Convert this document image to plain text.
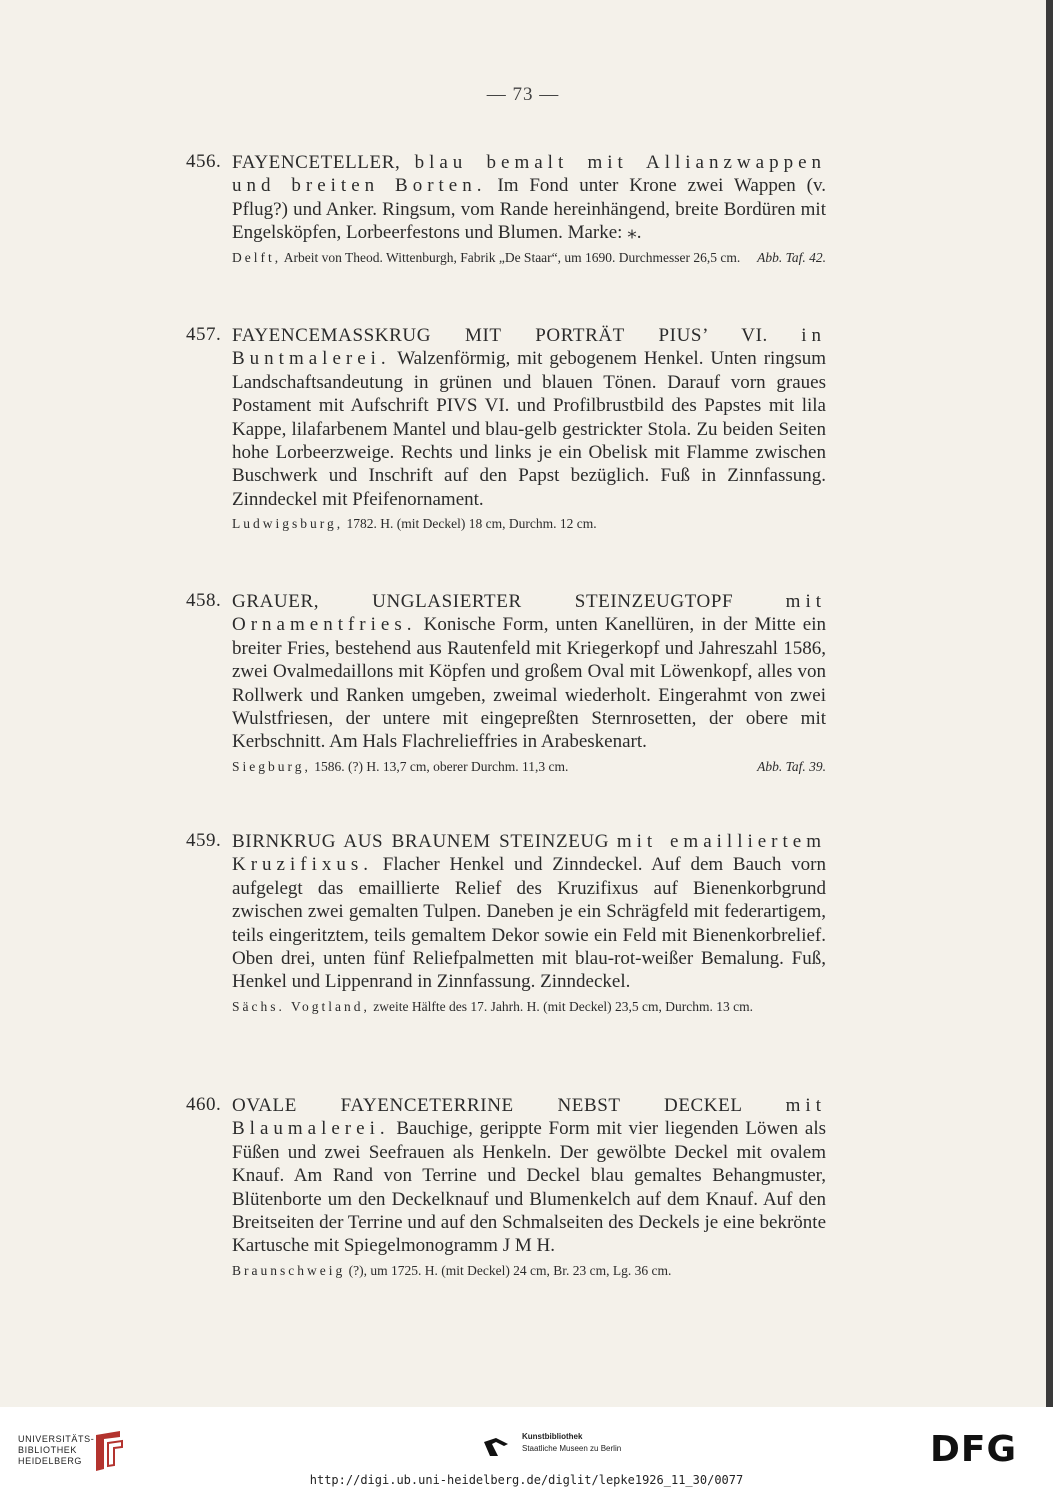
— 73 —
456. FAYENCETELLER, blau bemalt mit Allianzwappen und breiten Borten. Im Fond unter Krone zwei Wappen (v. Pflug?) und Anker. Ringsum, vom Rande hereinhängend, breite Bordüren mit Engelsköpfen, Lorbeerfestons und Blumen. Marke: ⁎.
Delft, Arbeit von Theod. Wittenburgh, Fabrik „De Staar“, um 1690. Durchmesser 26,5 cm. Abb. Taf. 42.
457. FAYENCEMASSKRUG MIT PORTRÄT PIUS’ VI. in Buntmalerei. Walzenförmig, mit gebogenem Henkel. Unten ringsum Landschaftsandeutung in grünen und blauen Tönen. Darauf vorn graues Postament mit Aufschrift PIVS VI. und Profilbrustbild des Papstes mit lila Kappe, lilafarbenem Mantel und blau-gelb gestrickter Stola. Zu beiden Seiten hohe Lorbeerzweige. Rechts und links je ein Obelisk mit Flamme zwischen Buschwerk und Inschrift auf den Papst bezüglich. Fuß in Zinnfassung. Zinndeckel mit Pfeifenornament.
Ludwigsburg, 1782. H. (mit Deckel) 18 cm, Durchm. 12 cm.
458. GRAUER, UNGLASIERTER STEINZEUGTOPF	mit Ornamentfries. Konische Form, unten Kanellüren, in der Mitte ein breiter Fries, bestehend aus Rautenfeld mit Kriegerkopf und Jahreszahl 1586, zwei Ovalmedaillons mit Köpfen und großem Oval mit Löwenkopf, alles von Rollwerk und Ranken umgeben, zweimal wiederholt. Eingerahmt von zwei Wulstfriesen, der untere mit eingepreßten Sternrosetten, der obere mit Kerbschnitt. Am Hals Flachrelieffries in Arabeskenart.
Siegburg, 1586. (?) H. 13,7 cm, oberer Durchm. 11,3 cm.	Abb. Taf. 39.
459. BIRNKRUG AUS BRAUNEM STEINZEUG mit emailliertem Kruzifixus. Flacher Henkel und Zinndeckel. Auf dem Bauch vorn aufgelegt das emaillierte Relief des Kruzifixus auf Bienenkorbgrund zwischen zwei gemalten Tulpen. Daneben je ein Schrägfeld mit federartigem, teils eingeritztem, teils gemaltem Dekor sowie ein Feld mit Bienenkorbrelief. Oben drei, unten fünf Reliefpalmetten mit blau-rot-weißer Bemalung. Fuß, Henkel und Lippenrand in Zinnfassung. Zinndeckel.
Sächs. Vogtland, zweite Hälfte des 17. Jahrh. H. (mit Deckel) 23,5 cm, Durchm. 13 cm.
460. OVALE FAYENCETERRINE NEBST DECKEL mit Blaumalerei. Bauchige, gerippte Form mit vier liegenden Löwen als Füßen und zwei Seefrauen als Henkeln. Der gewölbte Deckel mit ovalem Knauf. Am Rand von Terrine und Deckel blau gemaltes Behangmuster, Blütenborte um den Deckelknauf und Blumenkelch auf dem Knauf. Auf den Breitseiten der Terrine und auf den Schmalseiten des Deckels je eine bekrönte Kartusche mit Spiegelmonogramm J M H.
Braunschweig (?), um 1725. H. (mit Deckel) 24 cm, Br. 23 cm, Lg. 36 cm.
UNIVERSITÄTS-
BIBLIOTHEK
HEIDELBERG
Kunstbibliothek
Staatliche Museen zu Berlin	DFG
http://digi.ub.uni-heidelberg.de/diglit/lepke1926_11_30/0077
